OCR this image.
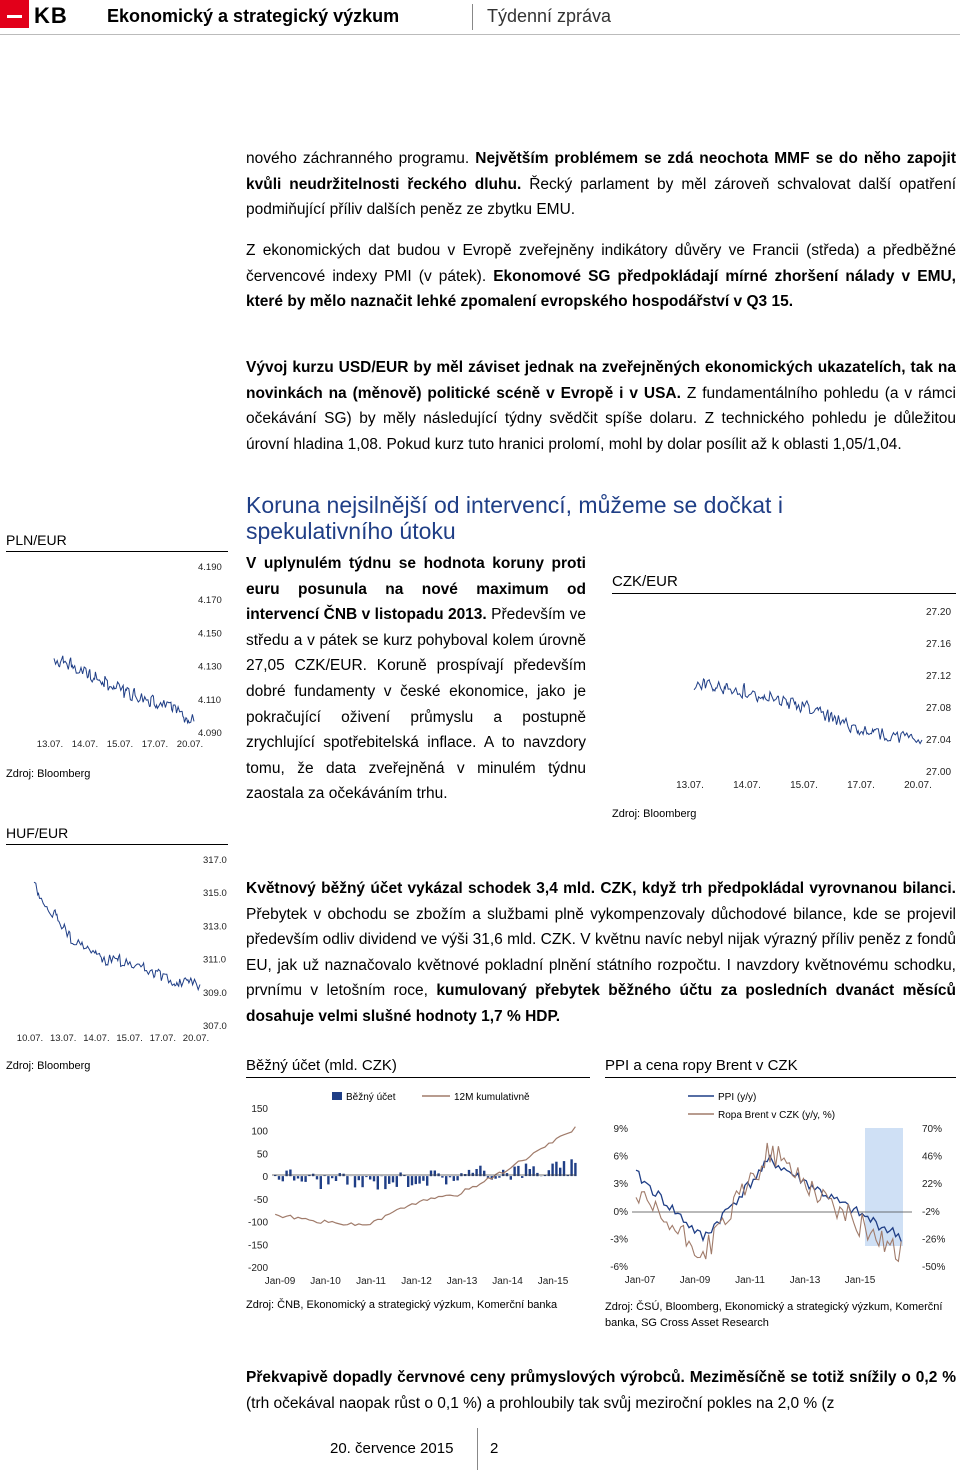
KB Ekonomický a strategický výzkum	Týdenní zpráva
nového záchranného programu. Největším problémem se zdá neochota MMF se do něho zapojit kvůli neudržitelnosti řeckého dluhu. Řecký parlament by měl zároveň schvalovat další opatření podmiňující příliv dalších peněz ze zbytku EMU.
Z ekonomických dat budou v Evropě zveřejněny indikátory důvěry ve Francii (středa) a předběžné červencové indexy PMI (v pátek). Ekonomové SG předpokládají mírné zhoršení nálady v EMU, které by mělo naznačit lehké zpomalení evropského hospodářství v Q3 15.
Vývoj kurzu USD/EUR by měl záviset jednak na zveřejněných ekonomických ukazatelích, tak na novinkách na (měnově) politické scéně v Evropě i v USA. Z fundamentálního pohledu (a v rámci očekávání SG) by měly následující týdny svědčit spíše dolaru. Z technického pohledu je důležitou úrovní hladina 1,08. Pokud kurz tuto hranici prolomí, mohl by dolar posílit až k oblasti 1,05/1,04.
Koruna nejsilnější od intervencí, můžeme se dočkat i spekulativního útoku
V uplynulém týdnu se hodnota koruny proti euru posunula na nové maximum od intervencí ČNB v listopadu 2013. Především ve středu a v pátek se kurz pohyboval kolem úrovně 27,05 CZK/EUR. Koruně prospívají především dobré fundamenty v české ekonomice, jako je pokračující oživení průmyslu a postupně zrychlující spotřebitelská inflace. A to navzdory tomu, že data zveřejněná v minulém týdnu zaostala za očekáváním trhu.
Květnový běžný účet vykázal schodek 3,4 mld. CZK, když trh předpokládal vyrovnanou bilanci. Přebytek v obchodu se zbožím a službami plně vykompenzovaly důchodové bilance, kde se projevil především odliv dividend ve výši 31,6 mld. CZK. V květnu navíc nebyl nijak výrazný příliv peněz z fondů EU, jak už naznačovalo květnové pokladní plnění státního rozpočtu. I navzdory květnovému schodku, prvnímu v letošním roce, kumulovaný přebytek běžného účtu za posledních dvanáct měsíců dosahuje velmi slušné hodnoty 1,7 % HDP.
Překvapivě dopadly červnové ceny průmyslových výrobců. Meziměsíčně se totiž snížily o 0,2 % (trh očekával naopak růst o 0,1 %) a prohloubily tak svůj meziroční pokles na 2,0 % (z
PLN/EUR
4.190
4.170
4.150
4.130
4.110
4.090
13.07. 14.07. 15.07. 17.07. 20.07.
Zdroj: Bloomberg
HUF/EUR
317.0
315.0
313.0
311.0
309.0
307.0
10.07. 13.07. 14.07. 15.07. 17.07. 20.07.
Zdroj: Bloomberg
CZK/EUR
27.20
27.16
27.12
27.08
27.04
27.00
13.07.	14.07.	15.07.	17.07.	20.07.
Zdroj: Bloomberg
Běžný účet (mld. CZK)
Běžný účet	12M kumulativně
150
100
50
0
-50
-100
-150
-200
Jan-09 Jan-10 Jan-11 Jan-12 Jan-13 Jan-14 Jan-15
Zdroj: ČNB, Ekonomický a strategický výzkum, Komerční banka
PPI a cena ropy Brent v CZK
PPI (y/y)
Ropa Brent v CZK (y/y, %)
9%
6%
3%
0%
-3%
-6%
70%
46%
22%
-2%
-26%
-50%
Jan-07 Jan-09 Jan-11 Jan-13 Jan-15
Zdroj: ČSÚ, Bloomberg, Ekonomický a strategický výzkum, Komerční banka, SG Cross Asset Research
20. července 2015 2
